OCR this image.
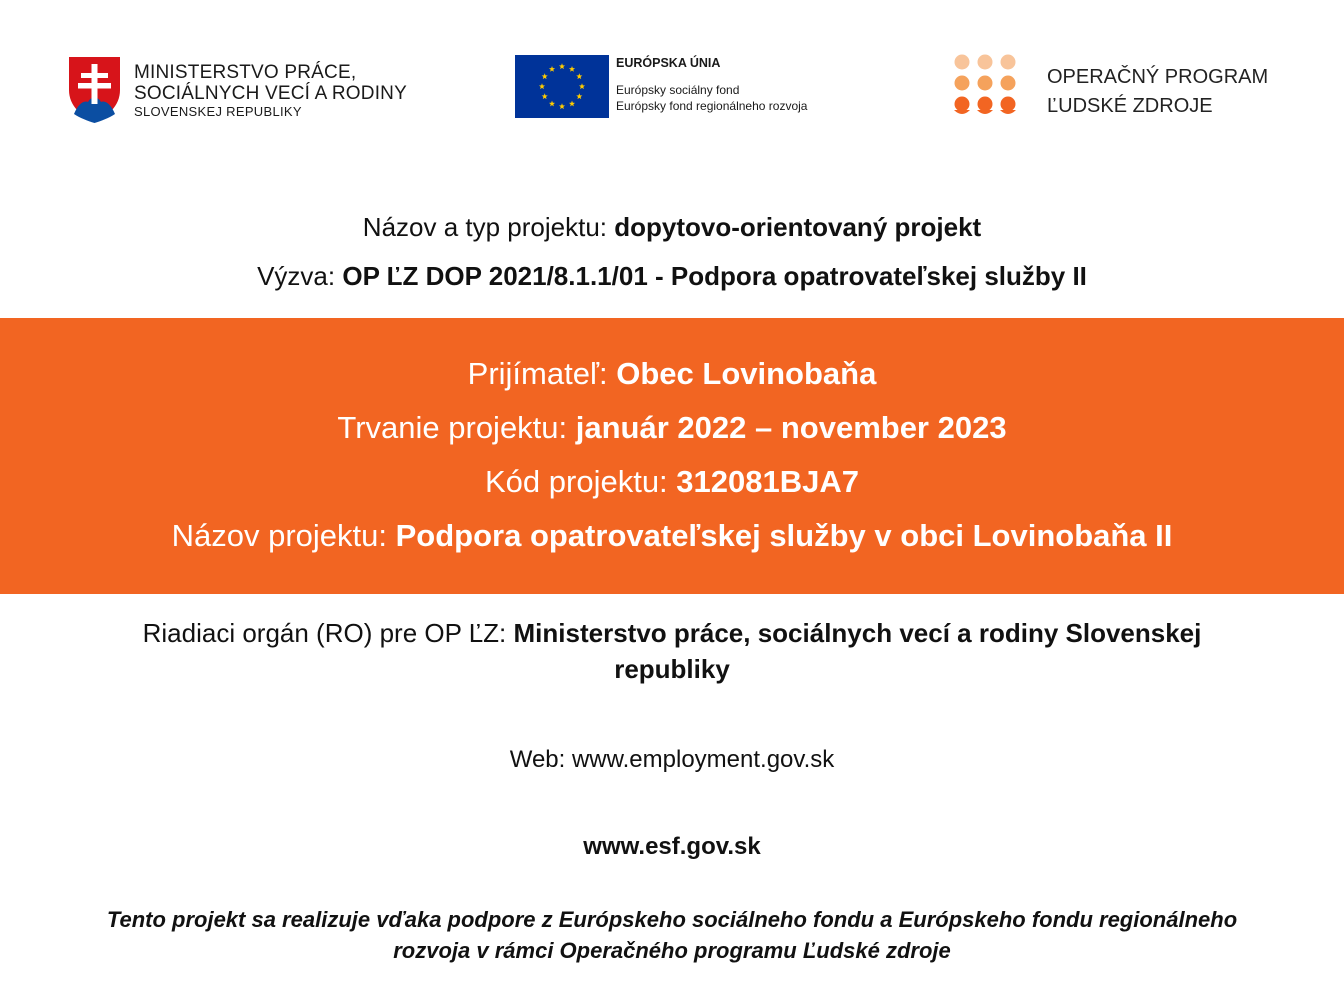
MINISTERSTVO PRÁCE,
SOCIÁLNYCH VECÍ A RODINY
SLOVENSKEJ REPUBLIKY
EURÓPSKA ÚNIA
Európsky sociálny fond
Európsky fond regionálneho rozvoja
OPERAČNÝ PROGRAM
ĽUDSKÉ ZDROJE
Názov a typ projektu: dopytovo-orientovaný projekt
Výzva: OP ĽZ DOP 2021/8.1.1/01 - Podpora opatrovateľskej služby II
Prijímateľ: Obec Lovinobaňa
Trvanie projektu: január 2022 – november 2023
Kód projektu: 312081BJA7
Názov projektu: Podpora opatrovateľskej služby v obci Lovinobaňa II
Riadiaci orgán (RO) pre OP ĽZ: Ministerstvo práce, sociálnych vecí a rodiny Slovenskej
republiky
Web: www.employment.gov.sk
www.esf.gov.sk
Tento projekt sa realizuje vďaka podpore z Európskeho sociálneho fondu a Európskeho fondu regionálneho
rozvoja v rámci Operačného programu Ľudské zdroje
